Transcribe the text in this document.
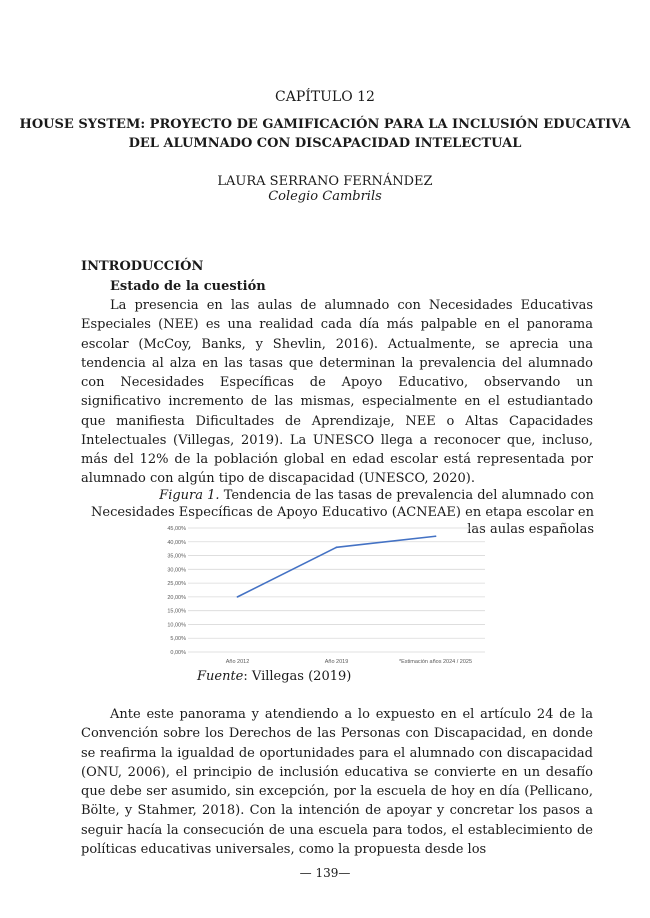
CAPÍTULO 12
HOUSE SYSTEM: PROYECTO DE GAMIFICACIÓN PARA LA INCLUSIÓN EDUCATIVA
DEL ALUMNADO CON DISCAPACIDAD INTELECTUAL
LAURA SERRANO FERNÁNDEZ
Colegio Cambrils
INTRODUCCIÓN
Estado de la cuestión

La presencia en las aulas de alumnado con Necesidades Educativas Especiales (NEE) es una realidad cada día más palpable en el panorama escolar (McCoy, Banks, y Shevlin, 2016). Actualmente, se aprecia una tendencia al alza en las tasas que determinan la prevalencia del alumnado con Necesidades Específicas de Apoyo Educativo, observando un significativo incremento de las mismas, especialmente en el estudiantado que manifiesta Dificultades de Aprendizaje, NEE o Altas Capacidades Intelectuales (Villegas, 2019). La UNESCO llega a reconocer que, incluso, más del 12% de la población global en edad escolar está representada por alumnado con algún tipo de discapacidad (UNESCO, 2020).

Figura 1. Tendencia de las tasas de prevalencia del alumnado con Necesidades Específicas de Apoyo Educativo (ACNEAE) en etapa escolar en las aulas españolas

0,00%
5,00%
10,00%
15,00%
20,00%
25,00%
30,00%
35,00%
40,00%
45,00%
Año 2012	Año 2019	*Estimación años 2024 / 2025
Fuente: Villegas (2019)

Ante este panorama y atendiendo a lo expuesto en el artículo 24 de la Convención sobre los Derechos de las Personas con Discapacidad, en donde se reafirma la igualdad de oportunidades para el alumnado con discapacidad (ONU, 2006), el principio de inclusión educativa se convierte en un desafío que debe ser asumido, sin excepción, por la escuela de hoy en día (Pellicano, Bölte, y Stahmer, 2018). Con la intención de apoyar y concretar los pasos a seguir hacía la consecución de una escuela para todos, el establecimiento de políticas educativas universales, como la propuesta desde los

— 139—
